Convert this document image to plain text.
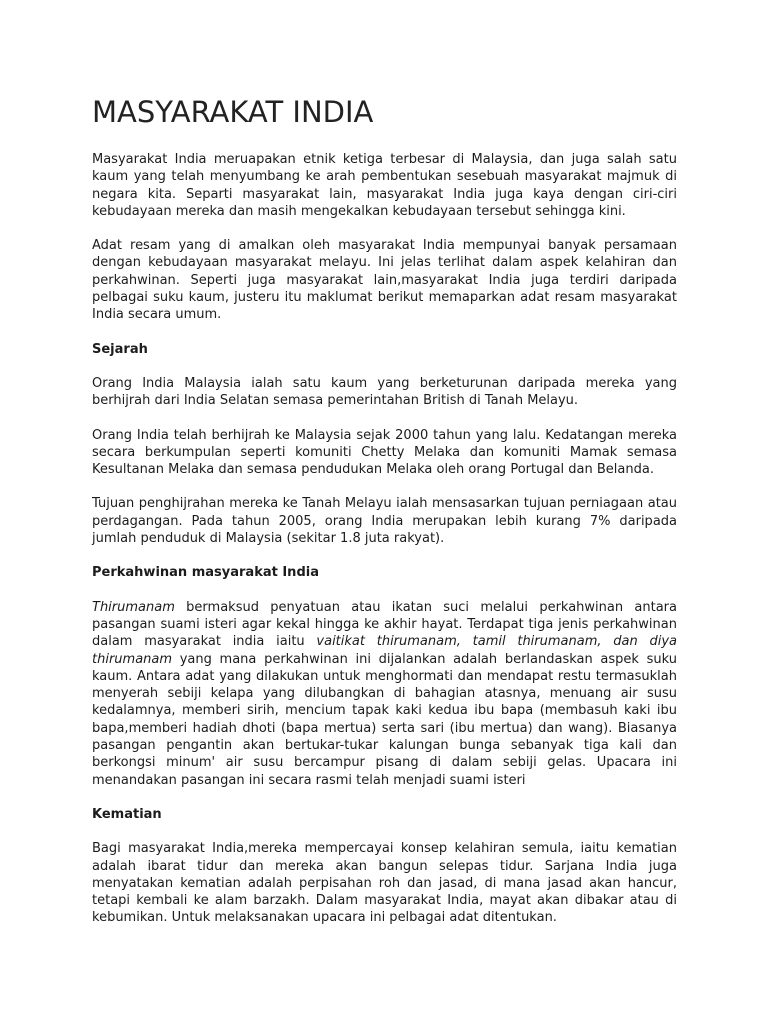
MASYARAKAT INDIA

Masyarakat India meruapakan etnik ketiga terbesar di Malaysia, dan juga salah satu kaum yang telah menyumbang ke arah pembentukan sesebuah masyarakat majmuk di negara kita. Separti masyarakat lain, masyarakat India juga kaya dengan ciri-ciri kebudayaan mereka dan masih mengekalkan kebudayaan tersebut sehingga kini.

Adat resam yang di amalkan oleh masyarakat India mempunyai banyak persamaan dengan kebudayaan masyarakat melayu. Ini jelas terlihat dalam aspek kelahiran dan perkahwinan. Seperti juga masyarakat lain,masyarakat India juga terdiri daripada pelbagai suku kaum, justeru itu maklumat berikut memaparkan adat resam masyarakat India secara umum.

Sejarah

Orang India Malaysia ialah satu kaum yang berketurunan daripada mereka yang berhijrah dari India Selatan semasa pemerintahan British di Tanah Melayu.

Orang India telah berhijrah ke Malaysia sejak 2000 tahun yang lalu. Kedatangan mereka secara berkumpulan seperti komuniti Chetty Melaka dan komuniti Mamak semasa Kesultanan Melaka dan semasa pendudukan Melaka oleh orang Portugal dan Belanda.

Tujuan penghijrahan mereka ke Tanah Melayu ialah mensasarkan tujuan perniagaan atau perdagangan. Pada tahun 2005, orang India merupakan lebih kurang 7% daripada jumlah penduduk di Malaysia (sekitar 1.8 juta rakyat).

Perkahwinan masyarakat India

Thirumanam bermaksud penyatuan atau ikatan suci melalui perkahwinan antara pasangan suami isteri agar kekal hingga ke akhir hayat. Terdapat tiga jenis perkahwinan dalam masyarakat india iaitu vaitikat thirumanam, tamil thirumanam, dan diya thirumanam yang mana perkahwinan ini dijalankan adalah berlandaskan aspek suku kaum. Antara adat yang dilakukan untuk menghormati dan mendapat restu termasuklah menyerah sebiji kelapa yang dilubangkan di bahagian atasnya, menuang air susu kedalamnya, memberi sirih, mencium tapak kaki kedua ibu bapa (membasuh kaki ibu bapa,memberi hadiah dhoti (bapa mertua) serta sari (ibu mertua) dan wang). Biasanya pasangan pengantin akan bertukar-tukar kalungan bunga sebanyak tiga kali dan berkongsi minum' air susu bercampur pisang di dalam sebiji gelas. Upacara ini menandakan pasangan ini secara rasmi telah menjadi suami isteri

Kematian

Bagi masyarakat India,mereka mempercayai konsep kelahiran semula, iaitu kematian adalah ibarat tidur dan mereka akan bangun selepas tidur. Sarjana India juga menyatakan kematian adalah perpisahan roh dan jasad, di mana jasad akan hancur, tetapi kembali ke alam barzakh. Dalam masyarakat India, mayat akan dibakar atau di kebumikan. Untuk melaksanakan upacara ini pelbagai adat ditentukan.
